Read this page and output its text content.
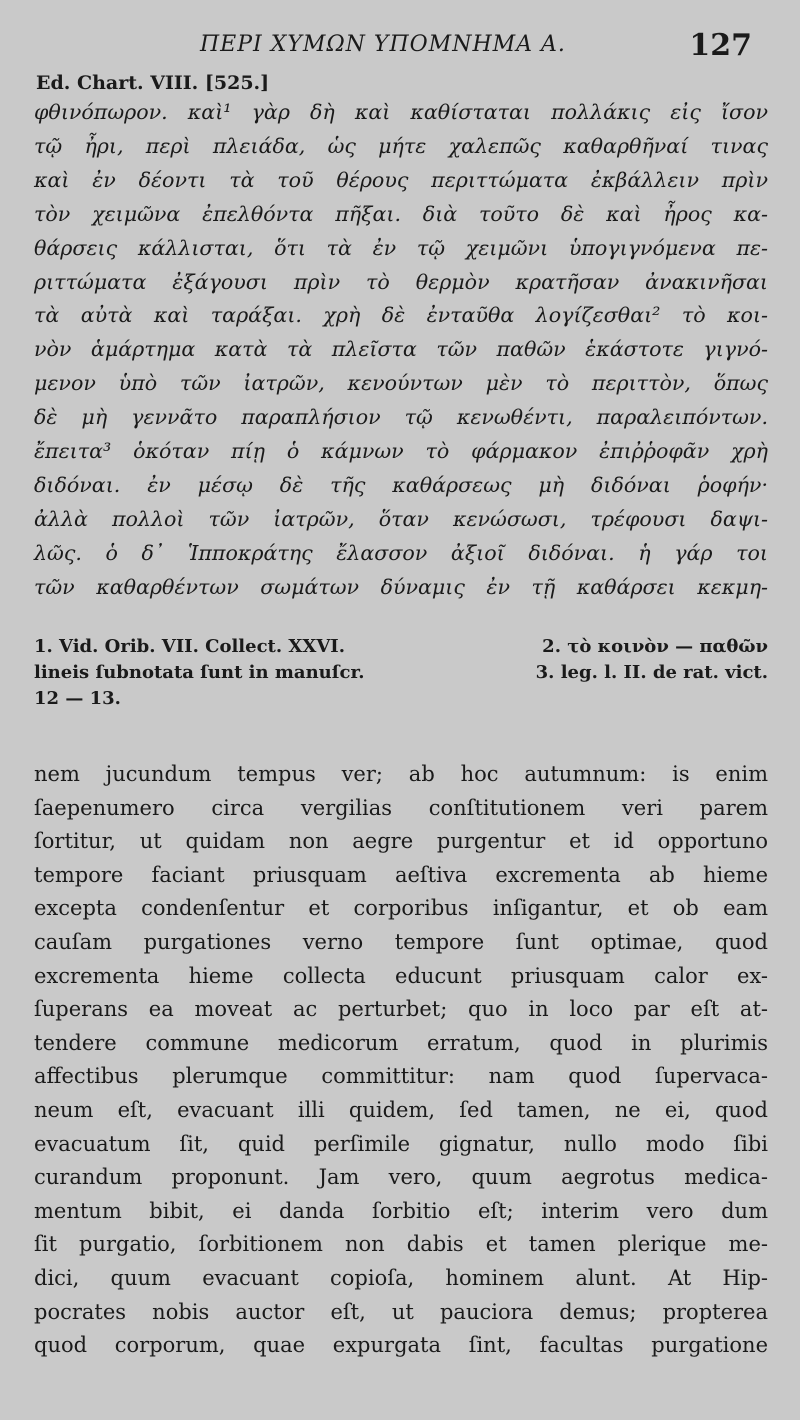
ΠΕΡΙ ΧΥΜΩΝ ΥΠΟΜΝΗΜΑ Α.	127
Ed. Chart. VIII. [525.]
φθινόπωρον. καὶ¹ γὰρ δὴ καὶ καθίσταται πολλάκις εἰς ἴσον
τῷ ἦρι, περὶ πλειάδα, ὡς μήτε χαλεπῶς καθαρθῆναί τινας
καὶ ἐν δέοντι τὰ τοῦ θέρους περιττώματα ἐκβάλλειν πρὶν
τὸν χειμῶνα ἐπελθόντα πῆξαι. διὰ τοῦτο δὲ καὶ ἦρος κα-
θάρσεις κάλλισται, ὅτι τὰ ἐν τῷ χειμῶνι ὑπογιγνόμενα πε-
ριττώματα ἐξάγουσι πρὶν τὸ θερμὸν κρατῆσαν ἀνακινῆσαι
τὰ αὐτὰ καὶ ταράξαι. χρὴ δὲ ἐνταῦθα λογίζεσθαι² τὸ κοι-
νὸν ἁμάρτημα κατὰ τὰ πλεῖστα τῶν παθῶν ἑκάστοτε γιγνό-
μενον ὑπὸ τῶν ἰατρῶν, κενούντων μὲν τὸ περιττὸν, ὅπως
δὲ μὴ γεννᾶτο παραπλήσιον τῷ κενωθέντι, παραλειπόντων.
ἔπειτα³ ὁκόταν πίῃ ὁ κάμνων τὸ φάρμακον ἐπιῤῥοφᾶν χρὴ
διδόναι. ἐν μέσῳ δὲ τῆς καθάρσεως μὴ διδόναι ῥοφήν·
ἀλλὰ πολλοὶ τῶν ἰατρῶν, ὅταν κενώσωσι, τρέφουσι δαψι-
λῶς. ὁ δ᾽ Ἱπποκράτης ἔλασσον ἀξιοῖ διδόναι. ἡ γάρ τοι
τῶν καθαρθέντων σωμάτων δύναμις ἐν τῇ καθάρσει κεκμη-
1. Vid. Orib. VII. Collect. XXVI.	2. τὸ κοινὸν — παθῶν
lineis ſubnotata ſunt in manuſcr.	3. leg. l. II. de rat. vict.
12 — 13.
nem jucundum tempus ver; ab hoc autumnum: is enim
ſaepenumero circa vergilias conſtitutionem veri parem
ſortitur, ut quidam non aegre purgentur et id opportuno
tempore faciant priusquam aeſtiva excrementa ab hieme
excepta condenſentur et corporibus inſigantur, et ob eam
cauſam purgationes verno tempore ſunt optimae, quod
excrementa hieme collecta educunt priusquam calor ex-
ſuperans ea moveat ac perturbet; quo in loco par eſt at-
tendere commune medicorum erratum, quod in plurimis
affectibus plerumque committitur: nam quod ſupervaca-
neum eſt, evacuant illi quidem, ſed tamen, ne ei, quod
evacuatum ſit, quid perſimile gignatur, nullo modo ſibi
curandum proponunt. Jam vero, quum aegrotus medica-
mentum bibit, ei danda ſorbitio eſt; interim vero dum
ſit purgatio, ſorbitionem non dabis et tamen plerique me-
dici, quum evacuant copioſa, hominem alunt. At Hip-
pocrates nobis auctor eſt, ut pauciora demus; propterea
quod corporum, quae expurgata ſint, facultas purgatione
